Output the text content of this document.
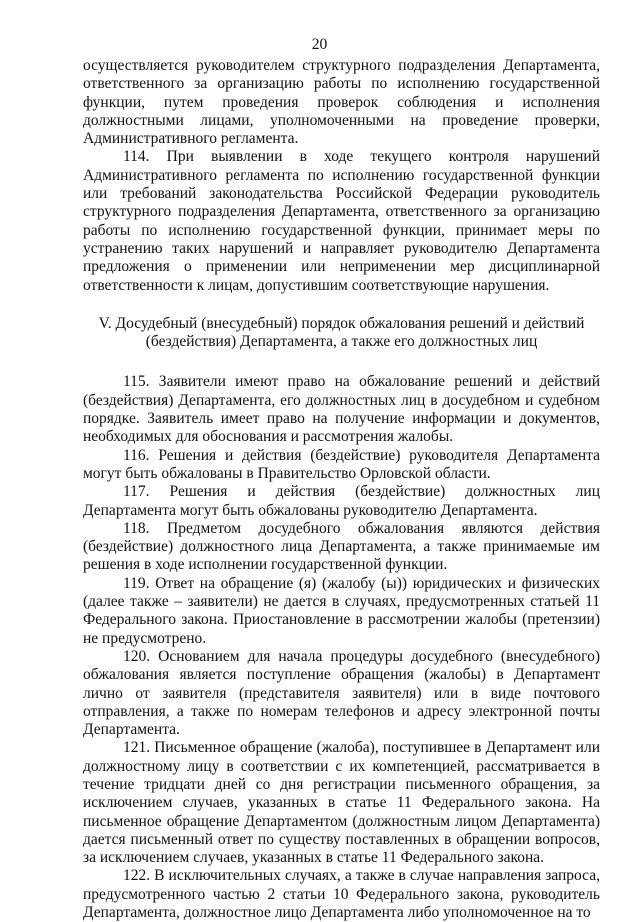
20

осуществляется руководителем структурного подразделения Департамента, ответственного за организацию работы по исполнению государственной функции, путем проведения проверок соблюдения и исполнения должностными лицами, уполномоченными на проведение проверки, Административного регламента.

114. При выявлении в ходе текущего контроля нарушений Административного регламента по исполнению государственной функции или требований законодательства Российской Федерации руководитель структурного подразделения Департамента, ответственного за организацию работы по исполнению государственной функции, принимает меры по устранению таких нарушений и направляет руководителю Департамента предложения о применении или неприменении мер дисциплинарной ответственности к лицам, допустившим соответствующие нарушения.

V. Досудебный (внесудебный) порядок обжалования решений и действий
(бездействия) Департамента, а также его должностных лиц

115. Заявители имеют право на обжалование решений и действий (бездействия) Департамента, его должностных лиц в досудебном и судебном порядке. Заявитель имеет право на получение информации и документов, необходимых для обоснования и рассмотрения жалобы.

116. Решения и действия (бездействие) руководителя Департамента могут быть обжалованы в Правительство Орловской области.

117. Решения и действия (бездействие) должностных лиц Департамента могут быть обжалованы руководителю Департамента.

118. Предметом досудебного обжалования являются действия (бездействие) должностного лица Департамента, а также принимаемые им решения в ходе исполнении государственной функции.

119. Ответ на обращение (я) (жалобу (ы)) юридических и физических (далее также – заявители) не дается в случаях, предусмотренных статьей 11 Федерального закона. Приостановление в рассмотрении жалобы (претензии) не предусмотрено.

120. Основанием для начала процедуры досудебного (внесудебного) обжалования является поступление обращения (жалобы) в Департамент лично от заявителя (представителя заявителя) или в виде почтового отправления, а также по номерам телефонов и адресу электронной почты Департамента.

121. Письменное обращение (жалоба), поступившее в Департамент или должностному лицу в соответствии с их компетенцией, рассматривается в течение тридцати дней со дня регистрации письменного обращения, за исключением случаев, указанных в статье 11 Федерального закона. На письменное обращение Департаментом (должностным лицом Департамента) дается письменный ответ по существу поставленных в обращении вопросов, за исключением случаев, указанных в статье 11 Федерального закона.

122. В исключительных случаях, а также в случае направления запроса, предусмотренного частью 2 статьи 10 Федерального закона, руководитель Департамента, должностное лицо Департамента либо уполномоченное на то
